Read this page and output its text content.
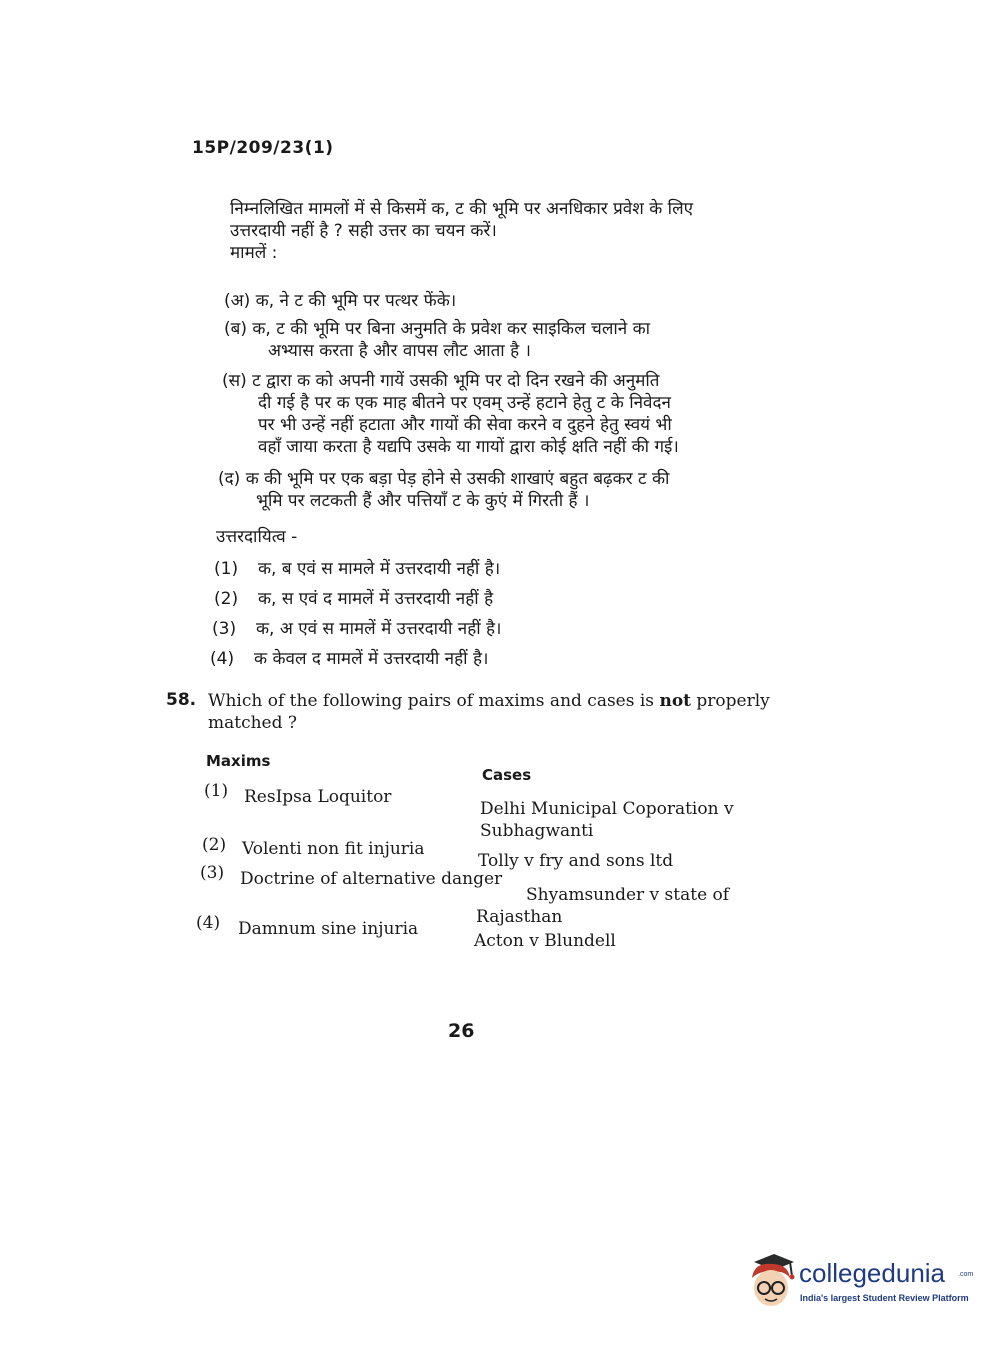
15P/209/23(1)
निम्नलिखित मामलों में से किसमें क, ट की भूमि पर अनधिकार प्रवेश के लिए
उत्तरदायी नहीं है ? सही उत्तर का चयन करें।
मामलें :
(अ) क, ने ट की भूमि पर पत्थर फेंके।
(ब) क, ट की भूमि पर बिना अनुमति के प्रवेश कर साइकिल चलाने का
अभ्यास करता है और वापस लौट आता है ।
(स) ट द्वारा क को अपनी गायें उसकी भूमि पर दो दिन रखने की अनुमति
दी गई है पर क एक माह बीतने पर एवम् उन्हें हटाने हेतु ट के निवेदन
पर भी उन्हें नहीं हटाता और गायों की सेवा करने व दुहने हेतु स्वयं भी
वहाँ जाया करता है यद्यपि उसके या गायों द्वारा कोई क्षति नहीं की गई।
(द) क की भूमि पर एक बड़ा पेड़ होने से उसकी शाखाएं बहुत बढ़कर ट की
भूमि पर लटकती हैं और पत्तियाँ ट के कुएं में गिरती हैं ।
उत्तरदायित्व -
(1) क, ब एवं स मामले में उत्तरदायी नहीं है।
(2) क, स एवं द मामलें में उत्तरदायी नहीं है
(3) क, अ एवं स मामलें में उत्तरदायी नहीं है।
(4) क केवल द मामलें में उत्तरदायी नहीं है।
58. Which of the following pairs of maxims and cases is not properly matched ?
Maxims
Cases
(1) ResIpsa Loquitor
Delhi Municipal Coporation v
Subhagwanti
(2) Volenti non fit injuria
Tolly v fry and sons ltd
(3) Doctrine of alternative danger
Shyamsunder v state of
Rajasthan
(4) Damnum sine injuria
Acton v Blundell
26
collegedunia .com
India's largest Student Review Platform
